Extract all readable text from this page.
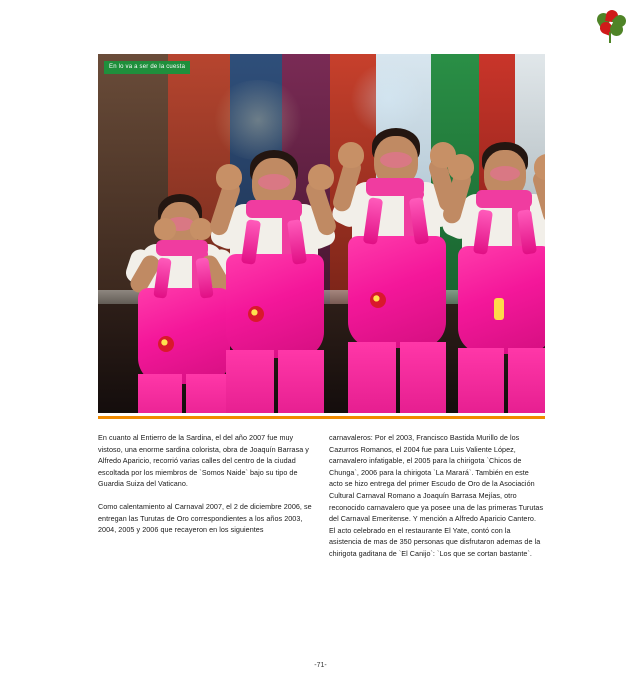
En lo va a ser de la cuesta

En cuanto al Entierro de la Sardina, el del año 2007 fue muy vistoso, una enorme sardina colorista, obra de Joaquín Barrasa y Alfredo Aparicio, recorrió varias calles del centro de la ciudad escoltada por los miembros de `Somos Naide` bajo su tipo de Guardia Suiza del Vaticano.

Como calentamiento al Carnaval 2007, el 2 de diciembre 2006, se entregan las Turutas de Oro correspondientes a los años 2003, 2004, 2005 y 2006 que recayeron en los siguientes

carnavaleros: Por el 2003, Francisco Bastida Murillo de los Cazurros Romanos, el 2004 fue para Luis Valiente López, carnavalero infatigable, el 2005 para la chirigota `Chicos de Chunga`, 2006 para la chirigota `La Marará`. También en este acto se hizo entrega del primer Escudo de Oro de la Asociación Cultural Carnaval Romano a Joaquín Barrasa Mejías, otro reconocido carnavalero que ya posee una de las primeras Turutas del Carnaval Emeritense. Y mención a Alfredo Aparicio Cantero. El acto celebrado en el restaurante El Yate, contó con la asistencia de mas de 350 personas que disfrutaron ademas de la chirigota gaditana de `El Canijo`: `Los que se cortan bastante`.

-71-
